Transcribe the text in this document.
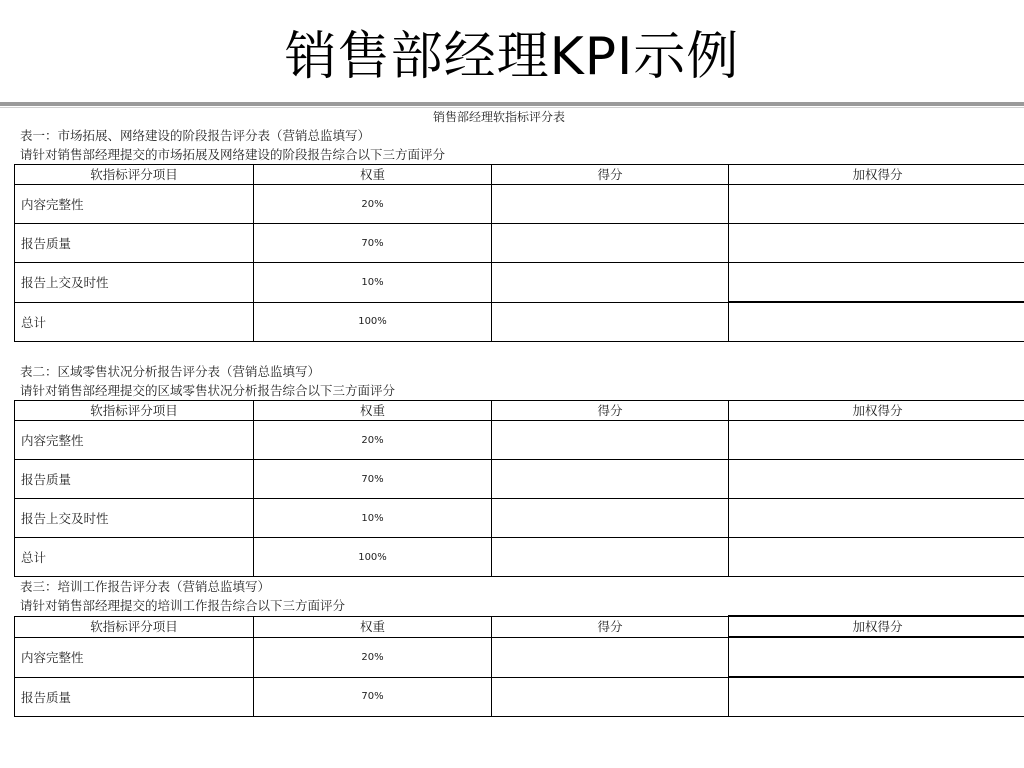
销售部经理KPI示例
销售部经理软指标评分表
表一：市场拓展、网络建设的阶段报告评分表（营销总监填写）
请针对销售部经理提交的市场拓展及网络建设的阶段报告综合以下三方面评分
软指标评分项目	权重	得分	加权得分
内容完整性	20%		
报告质量	70%		
报告上交及时性	10%		
总计	100%		
表二：区域零售状况分析报告评分表（营销总监填写）
请针对销售部经理提交的区域零售状况分析报告综合以下三方面评分
软指标评分项目	权重	得分	加权得分
内容完整性	20%		
报告质量	70%		
报告上交及时性	10%		
总计	100%		
表三：培训工作报告评分表（营销总监填写）
请针对销售部经理提交的培训工作报告综合以下三方面评分
软指标评分项目	权重	得分	加权得分
内容完整性	20%		
报告质量	70%		
